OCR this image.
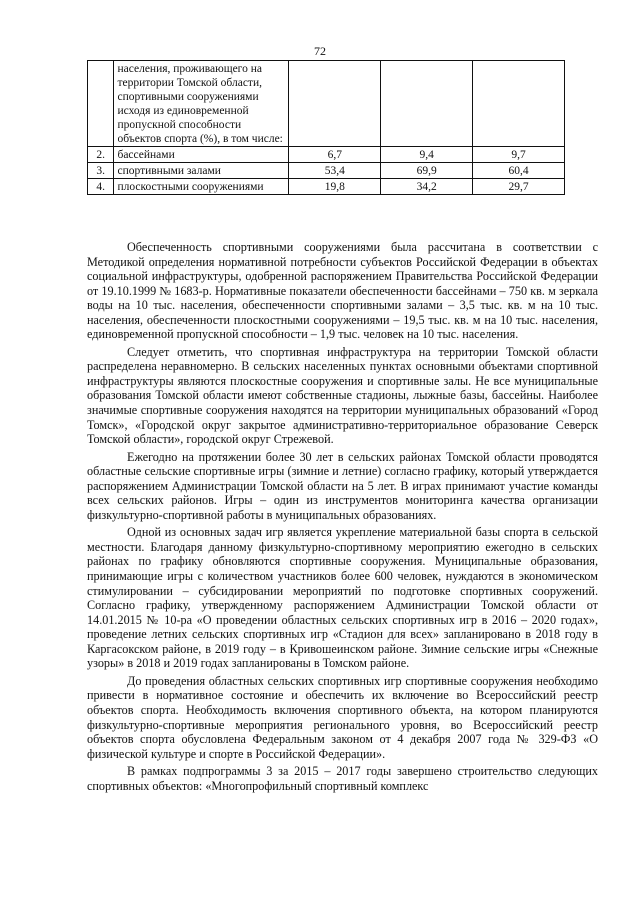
72
	населения, проживающего на территории Томской области, спортивными сооружениями исходя из единовременной пропускной способности объектов спорта (%), в том числе:			
2.	бассейнами	6,7	9,4	9,7
3.	спортивными залами	53,4	69,9	60,4
4.	плоскостными сооружениями	19,8	34,2	29,7

Обеспеченность спортивными сооружениями была рассчитана в соответствии с Методикой определения нормативной потребности субъектов Российской Федерации в объектах социальной инфраструктуры, одобренной распоряжением Правительства Российской Федерации от 19.10.1999 № 1683-р. Нормативные показатели обеспеченности бассейнами – 750 кв. м зеркала воды на 10 тыс. населения, обеспеченности спортивными залами – 3,5 тыс. кв. м на 10 тыс. населения, обеспеченности плоскостными сооружениями – 19,5 тыс. кв. м на 10 тыс. населения, единовременной пропускной способности – 1,9 тыс. человек на 10 тыс. населения.

Следует отметить, что спортивная инфраструктура на территории Томской области распределена неравномерно. В сельских населенных пунктах основными объектами спортивной инфраструктуры являются плоскостные сооружения и спортивные залы. Не все муниципальные образования Томской области имеют собственные стадионы, лыжные базы, бассейны. Наиболее значимые спортивные сооружения находятся на территории муниципальных образований «Город Томск», «Городской округ закрытое административно-территориальное образование Северск Томской области», городской округ Стрежевой.

Ежегодно на протяжении более 30 лет в сельских районах Томской области проводятся областные сельские спортивные игры (зимние и летние) согласно графику, который утверждается распоряжением Администрации Томской области на 5 лет. В играх принимают участие команды всех сельских районов. Игры – один из инструментов мониторинга качества организации физкультурно-спортивной работы в муниципальных образованиях.

Одной из основных задач игр является укрепление материальной базы спорта в сельской местности. Благодаря данному физкультурно-спортивному мероприятию ежегодно в сельских районах по графику обновляются спортивные сооружения. Муниципальные образования, принимающие игры с количеством участников более 600 человек, нуждаются в экономическом стимулировании – субсидировании мероприятий по подготовке спортивных сооружений. Согласно графику, утвержденному распоряжением Администрации Томской области от 14.01.2015 № 10-ра «О проведении областных сельских спортивных игр в 2016 – 2020 годах», проведение летних сельских спортивных игр «Стадион для всех» запланировано в 2018 году в Каргасокском районе, в 2019 году – в Кривошеинском районе. Зимние сельские игры «Снежные узоры» в 2018 и 2019 годах запланированы в Томском районе.

До проведения областных сельских спортивных игр спортивные сооружения необходимо привести в нормативное состояние и обеспечить их включение во Всероссийский реестр объектов спорта. Необходимость включения спортивного объекта, на котором планируются физкультурно-спортивные мероприятия регионального уровня, во Всероссийский реестр объектов спорта обусловлена Федеральным законом от 4 декабря 2007 года № 329-ФЗ «О физической культуре и спорте в Российской Федерации».

В рамках подпрограммы 3 за 2015 – 2017 годы завершено строительство следующих спортивных объектов: «Многопрофильный спортивный комплекс
